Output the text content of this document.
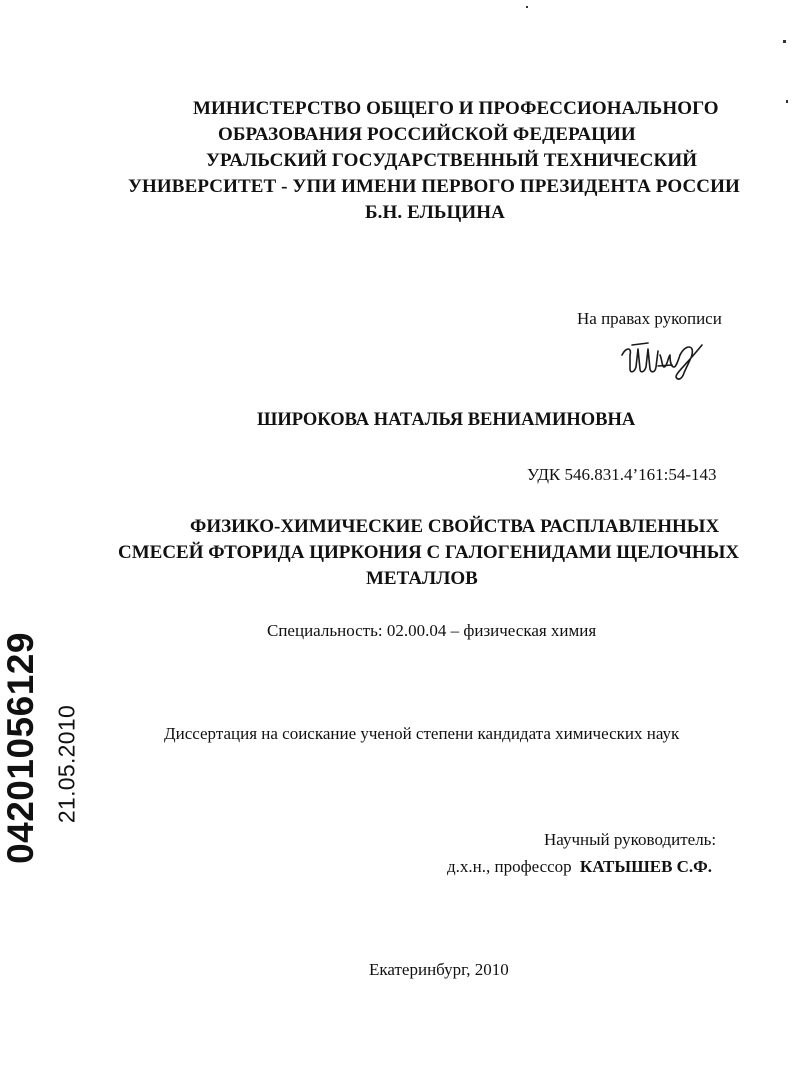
МИНИСТЕРСТВО ОБЩЕГО И ПРОФЕССИОНАЛЬНОГО
ОБРАЗОВАНИЯ РОССИЙСКОЙ ФЕДЕРАЦИИ
УРАЛЬСКИЙ ГОСУДАРСТВЕННЫЙ ТЕХНИЧЕСКИЙ
УНИВЕРСИТЕТ - УПИ ИМЕНИ ПЕРВОГО ПРЕЗИДЕНТА РОССИИ
Б.Н. ЕЛЬЦИНА
На правах рукописи
ШИРОКОВА НАТАЛЬЯ ВЕНИАМИНОВНА
УДК 546.831.4’161:54-143
ФИЗИКО-ХИМИЧЕСКИЕ СВОЙСТВА РАСПЛАВЛЕННЫХ
СМЕСЕЙ ФТОРИДА ЦИРКОНИЯ С ГАЛОГЕНИДАМИ ЩЕЛОЧНЫХ
МЕТАЛЛОВ
Специальность: 02.00.04 – физическая химия
Диссертация на соискание ученой степени кандидата химических наук
Научный руководитель:
д.х.н., профессор КАТЫШЕВ С.Ф.
Екатеринбург, 2010
04201056129 21.05.2010
